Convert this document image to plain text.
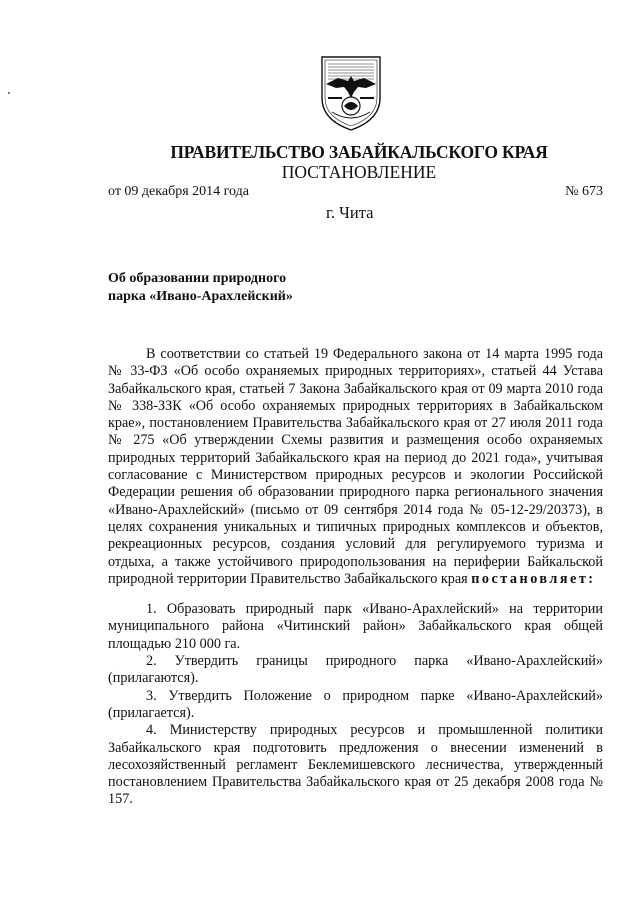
ПРАВИТЕЛЬСТВО ЗАБАЙКАЛЬСКОГО КРАЯ
ПОСТАНОВЛЕНИЕ
от 09 декабря 2014 года	№ 673
г. Чита
Об образовании природного
парка «Ивано-Арахлейский»

В соответствии со статьей 19 Федерального закона от 14 марта 1995 года № 33-ФЗ «Об особо охраняемых природных территориях», статьей 44 Устава Забайкальского края, статьей 7 Закона Забайкальского края от 09 марта 2010 года № 338-ЗЗК «Об особо охраняемых природных территориях в Забайкальском крае», постановлением Правительства Забайкальского края от 27 июля 2011 года № 275 «Об утверждении Схемы развития и размещения особо охраняемых природных территорий Забайкальского края на период до 2021 года», учитывая согласование с Министерством природных ресурсов и экологии Российской Федерации решения об образовании природного парка регионального значения «Ивано-Арахлейский» (письмо от 09 сентября 2014 года № 05-12-29/20373), в целях сохранения уникальных и типичных природных комплексов и объектов, рекреационных ресурсов, создания условий для регулируемого туризма и отдыха, а также устойчивого природопользования на периферии Байкальской природной территории Правительство Забайкальского края постановляет:

1. Образовать природный парк «Ивано-Арахлейский» на территории муниципального района «Читинский район» Забайкальского края общей площадью 210 000 га.

2. Утвердить границы природного парка «Ивано-Арахлейский» (прилагаются).

3. Утвердить Положение о природном парке «Ивано-Арахлейский» (прилагается).

4. Министерству природных ресурсов и промышленной политики Забайкальского края подготовить предложения о внесении изменений в лесохозяйственный регламент Беклемишевского лесничества, утвержденный постановлением Правительства Забайкальского края от 25 декабря 2008 года № 157.
